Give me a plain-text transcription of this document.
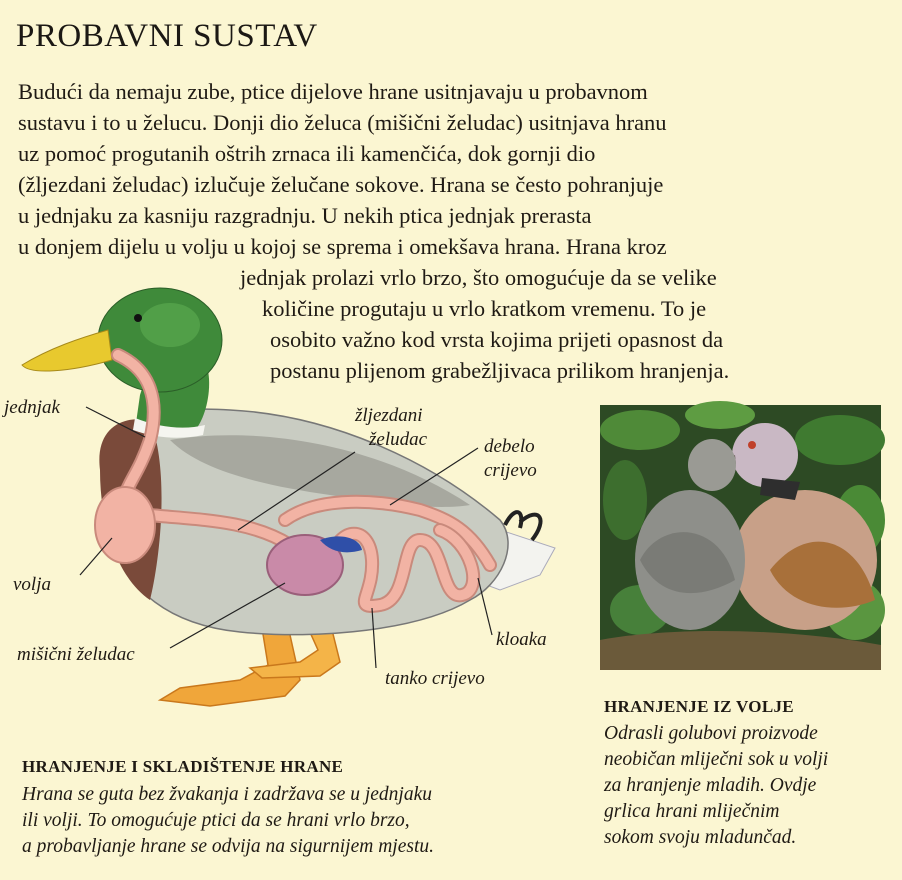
PROBAVNI SUSTAV
Budući da nemaju zube, ptice dijelove hrane usitnjavaju u probavnom
sustavu i to u želucu. Donji dio želuca (mišični želudac) usitnjava hranu
uz pomoć progutanih oštrih zrnaca ili kamenčića, dok gornji dio
(žljezdani želudac) izlučuje želučane sokove. Hrana se često pohranjuje
u jednjaku za kasniju razgradnju. U nekih ptica jednjak prerasta
u donjem dijelu u volju u kojoj se sprema i omekšava hrana. Hrana kroz
jednjak prolazi vrlo brzo, što omogućuje da se velike
količine progutaju u vrlo kratkom vremenu. To je
osobito važno kod vrsta kojima prijeti opasnost da
postanu plijenom grabežljivaca prilikom hranjenja.
jednjak	žljezdani
želudac	debelo
crijevo
volja
mišični želudac
kloaka
tanko crijevo
HRANJENJE I SKLADIŠTENJE HRANE
Hrana se guta bez žvakanja i zadržava se u jednjaku
ili volji. To omogućuje ptici da se hrani vrlo brzo,
a probavljanje hrane se odvija na sigurnijem mjestu.
HRANJENJE IZ VOLJE
Odrasli golubovi proizvode
neobičan mliječni sok u volji
za hranjenje mladih. Ovdje
grlica hrani mliječnim
sokom svoju mladunčad.
